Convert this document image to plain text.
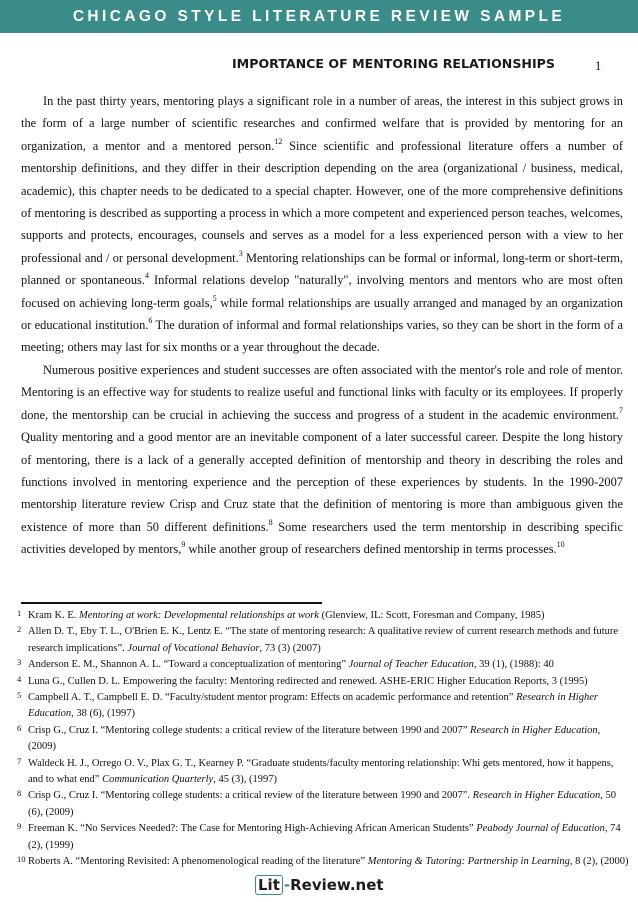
CHICAGO STYLE LITERATURE REVIEW SAMPLE
IMPORTANCE OF MENTORING RELATIONSHIPS	1

In the past thirty years, mentoring plays a significant role in a number of areas, the interest in this subject grows in the form of a large number of scientific researches and confirmed welfare that is provided by mentoring for an organization, a mentor and a mentored person.$^{12}$ Since scientific and professional literature offers a number of mentorship definitions, and they differ in their description depending on the area (organizational / business, medical, academic), this chapter needs to be dedicated to a special chapter. However, one of the more comprehensive definitions of mentoring is described as supporting a process in which a more competent and experienced person teaches, welcomes, supports and protects, encourages, counsels and serves as a model for a less experienced person with a view to her professional and / or personal development.$^3$ Mentoring relationships can be formal or informal, long-term or short-term, planned or spontaneous.$^4$ Informal relations develop "naturally", involving mentors and mentors who are most often focused on achieving long-term goals,$^5$ while formal relationships are usually arranged and managed by an organization or educational institution.$^6$ The duration of informal and formal relationships varies, so they can be short in the form of a meeting; others may last for six months or a year throughout the decade.

Numerous positive experiences and student successes are often associated with the mentor's role and role of mentor. Mentoring is an effective way for students to realize useful and functional links with faculty or its employees. If properly done, the mentorship can be crucial in achieving the success and progress of a student in the academic environment.$^7$ Quality mentoring and a good mentor are an inevitable component of a later successful career. Despite the long history of mentoring, there is a lack of a generally accepted definition of mentorship and theory in describing the roles and functions involved in mentoring experience and the perception of these experiences by students. In the 1990-2007 mentorship literature review Crisp and Cruz state that the definition of mentoring is more than ambiguous given the existence of more than 50 different definitions.$^8$ Some researchers used the term mentorship in describing specific activities developed by mentors,$^9$ while another group of researchers defined mentorship in terms processes.$^{10}$

1 Kram K. E. Mentoring at work: Developmental relationships at work (Glenview, IL: Scott, Foresman and Company, 1985)
2 Allen D. T., Eby T. L., O'Brien E. K., Lentz E. “The state of mentoring research: A qualitative review of current research methods and future research implications”. Journal of Vocational Behavior, 73 (3) (2007)
3 Anderson E. M., Shannon A. L. “Toward a conceptualization of mentoring” Journal of Teacher Education, 39 (1), (1988): 40
4 Luna G., Cullen D. L. Empowering the faculty: Mentoring redirected and renewed. ASHE-ERIC Higher Education Reports, 3 (1995)
5 Campbell A. T., Campbell E. D. “Faculty/student mentor program: Effects on academic performance and retention” Research in Higher Education, 38 (6), (1997)
6 Crisp G., Cruz I. “Mentoring college students: a critical review of the literature between 1990 and 2007” Research in Higher Education, (2009)
7 Waldeck H. J., Orrego O. V., Plax G. T., Kearney P. “Graduate students/faculty mentoring relationship: Whi gets mentored, how it happens, and to what end” Communication Quarterly, 45 (3), (1997)
8 Crisp G., Cruz I. “Mentoring college students: a critical review of the literature between 1990 and 2007”. Research in Higher Education, 50 (6), (2009)
9 Freeman K. “No Services Needed?: The Case for Mentoring High-Achieving African American Students” Peabody Journal of Education, 74 (2), (1999)
10 Roberts A. “Mentoring Revisited: A phenomenological reading of the literature” Mentoring & Tutoring: Partnership in Learning, 8 (2), (2000)
Lit - Review.net
